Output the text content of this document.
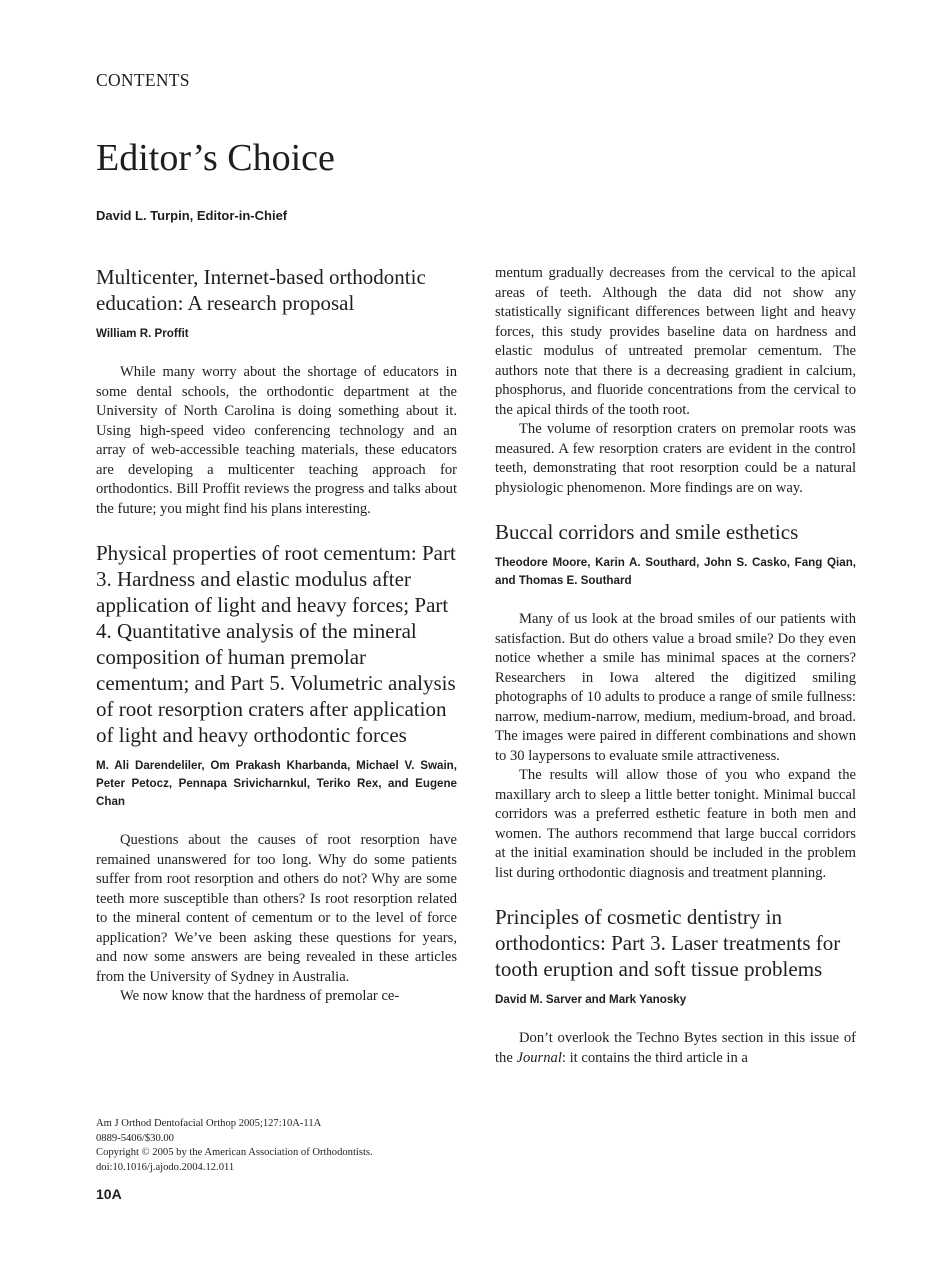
CONTENTS
Editor’s Choice
David L. Turpin, Editor-in-Chief
Multicenter, Internet-based orthodontic education: A research proposal
William R. Proffit

While many worry about the shortage of educators in some dental schools, the orthodontic department at the University of North Carolina is doing something about it. Using high-speed video conferencing technology and an array of web-accessible teaching materials, these educators are developing a multicenter teaching approach for orthodontics. Bill Proffit reviews the progress and talks about the future; you might find his plans interesting.

Physical properties of root cementum: Part 3. Hardness and elastic modulus after application of light and heavy forces; Part 4. Quantitative analysis of the mineral composition of human premolar cementum; and Part 5. Volumetric analysis of root resorption craters after application of light and heavy orthodontic forces
M. Ali Darendeliler, Om Prakash Kharbanda, Michael V. Swain, Peter Petocz, Pennapa Srivicharnkul, Teriko Rex, and Eugene Chan

Questions about the causes of root resorption have remained unanswered for too long. Why do some patients suffer from root resorption and others do not? Why are some teeth more susceptible than others? Is root resorption related to the mineral content of cementum or to the level of force application? We’ve been asking these questions for years, and now some answers are being revealed in these articles from the University of Sydney in Australia.

We now know that the hardness of premolar ce-

mentum gradually decreases from the cervical to the apical areas of teeth. Although the data did not show any statistically significant differences between light and heavy forces, this study provides baseline data on hardness and elastic modulus of untreated premolar cementum. The authors note that there is a decreasing gradient in calcium, phosphorus, and fluoride concentrations from the cervical to the apical thirds of the tooth root.

The volume of resorption craters on premolar roots was measured. A few resorption craters are evident in the control teeth, demonstrating that root resorption could be a natural physiologic phenomenon. More findings are on way.

Buccal corridors and smile esthetics
Theodore Moore, Karin A. Southard, John S. Casko, Fang Qian, and Thomas E. Southard

Many of us look at the broad smiles of our patients with satisfaction. But do others value a broad smile? Do they even notice whether a smile has minimal spaces at the corners? Researchers in Iowa altered the digitized smiling photographs of 10 adults to produce a range of smile fullness: narrow, medium-narrow, medium, medium-broad, and broad. The images were paired in different combinations and shown to 30 laypersons to evaluate smile attractiveness.

The results will allow those of you who expand the maxillary arch to sleep a little better tonight. Minimal buccal corridors was a preferred esthetic feature in both men and women. The authors recommend that large buccal corridors at the initial examination should be included in the problem list during orthodontic diagnosis and treatment planning.

Principles of cosmetic dentistry in orthodontics: Part 3. Laser treatments for tooth eruption and soft tissue problems
David M. Sarver and Mark Yanosky

Don’t overlook the Techno Bytes section in this issue of the Journal: it contains the third article in a

Am J Orthod Dentofacial Orthop 2005;127:10A-11A
0889-5406/$30.00
Copyright © 2005 by the American Association of Orthodontists.
doi:10.1016/j.ajodo.2004.12.011
10A
